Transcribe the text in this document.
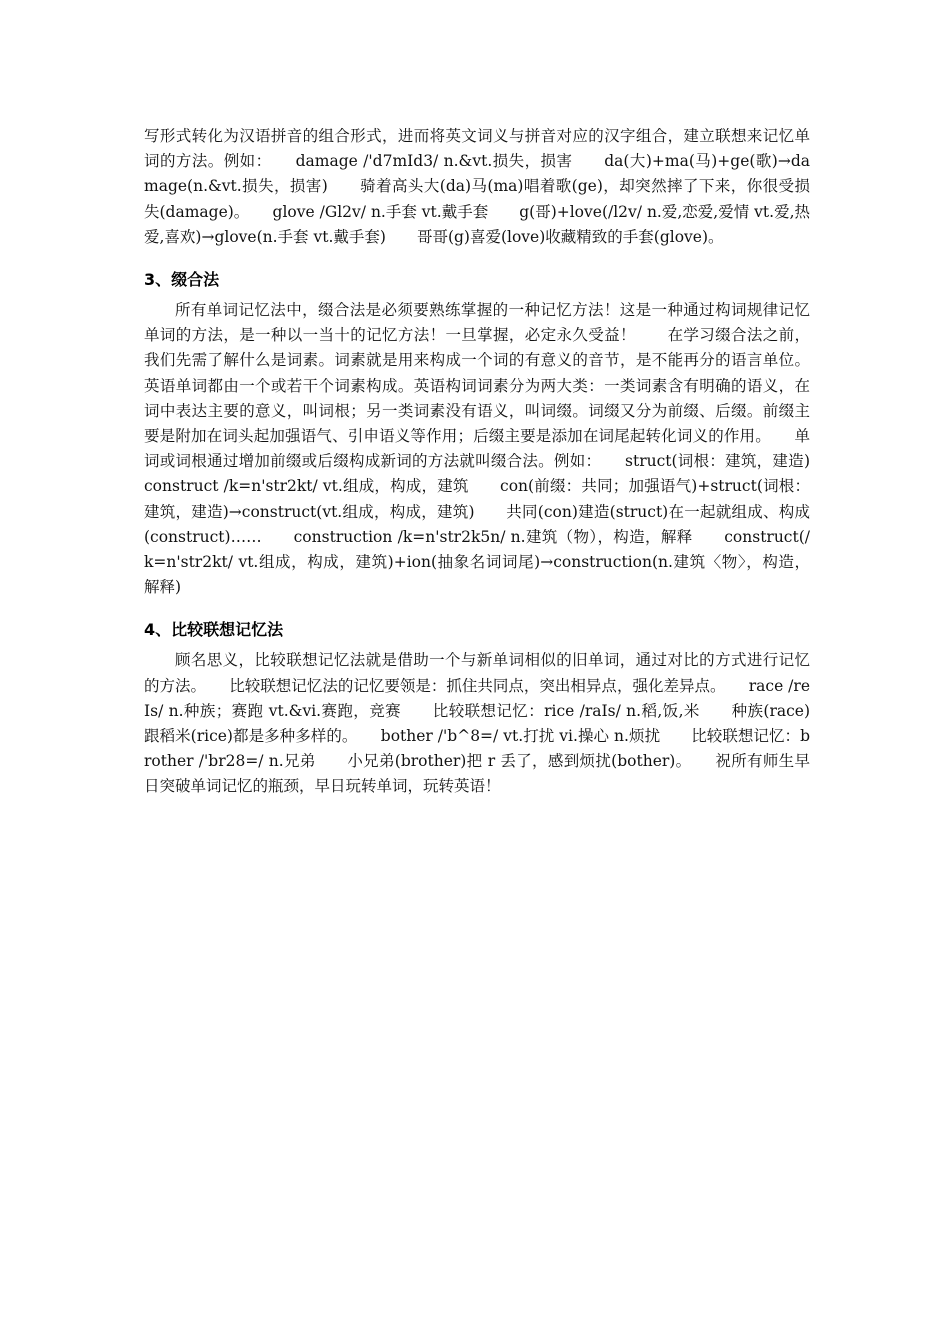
写形式转化为汉语拼音的组合形式，进而将英文词义与拼音对应的汉字组合，建立联想来记忆单词的方法。例如：　　damage /'d7mId3/ n.&vt.损失，损害　　da(大)+ma(马)+ge(歌)→damage(n.&vt.损失，损害)　　骑着高头大(da)马(ma)唱着歌(ge)，却突然摔了下来，你很受损失(damage)。　　glove /Gl2v/ n.手套 vt.戴手套　　g(哥)+love(/l2v/ n.爱,恋爱,爱情 vt.爱,热爱,喜欢)→glove(n.手套 vt.戴手套)　　哥哥(g)喜爱(love)收藏精致的手套(glove)。

3、缀合法

所有单词记忆法中，缀合法是必须要熟练掌握的一种记忆方法！这是一种通过构词规律记忆单词的方法，是一种以一当十的记忆方法！一旦掌握，必定永久受益！　　在学习缀合法之前，我们先需了解什么是词素。词素就是用来构成一个词的有意义的音节，是不能再分的语言单位。英语单词都由一个或若干个词素构成。英语构词词素分为两大类：一类词素含有明确的语义，在词中表达主要的意义，叫词根；另一类词素没有语义，叫词缀。词缀又分为前缀、后缀。前缀主要是附加在词头起加强语气、引申语义等作用；后缀主要是添加在词尾起转化词义的作用。　　单词或词根通过增加前缀或后缀构成新词的方法就叫缀合法。例如：　　struct(词根：建筑，建造)　　construct /k=n'str2kt/ vt.组成，构成，建筑　　con(前缀：共同；加强语气)+struct(词根：建筑，建造)→construct(vt.组成，构成，建筑)　　共同(con)建造(struct)在一起就组成、构成(construct)……　　construction /k=n'str2k5n/ n.建筑（物），构造，解释　　construct(/k=n'str2kt/ vt.组成，构成，建筑)+ion(抽象名词词尾)→construction(n.建筑〈物〉，构造，解释)

4、比较联想记忆法

顾名思义，比较联想记忆法就是借助一个与新单词相似的旧单词，通过对比的方式进行记忆的方法。　　比较联想记忆法的记忆要领是：抓住共同点，突出相异点，强化差异点。　　race /reIs/ n.种族；赛跑 vt.&vi.赛跑，竞赛　　比较联想记忆：rice /raIs/ n.稻,饭,米　　种族(race)跟稻米(rice)都是多种多样的。　　bother /'b^8=/ vt.打扰 vi.操心 n.烦扰　　比较联想记忆：brother /'br28=/ n.兄弟　　小兄弟(brother)把 r 丢了，感到烦扰(bother)。　　祝所有师生早日突破单词记忆的瓶颈，早日玩转单词，玩转英语！
